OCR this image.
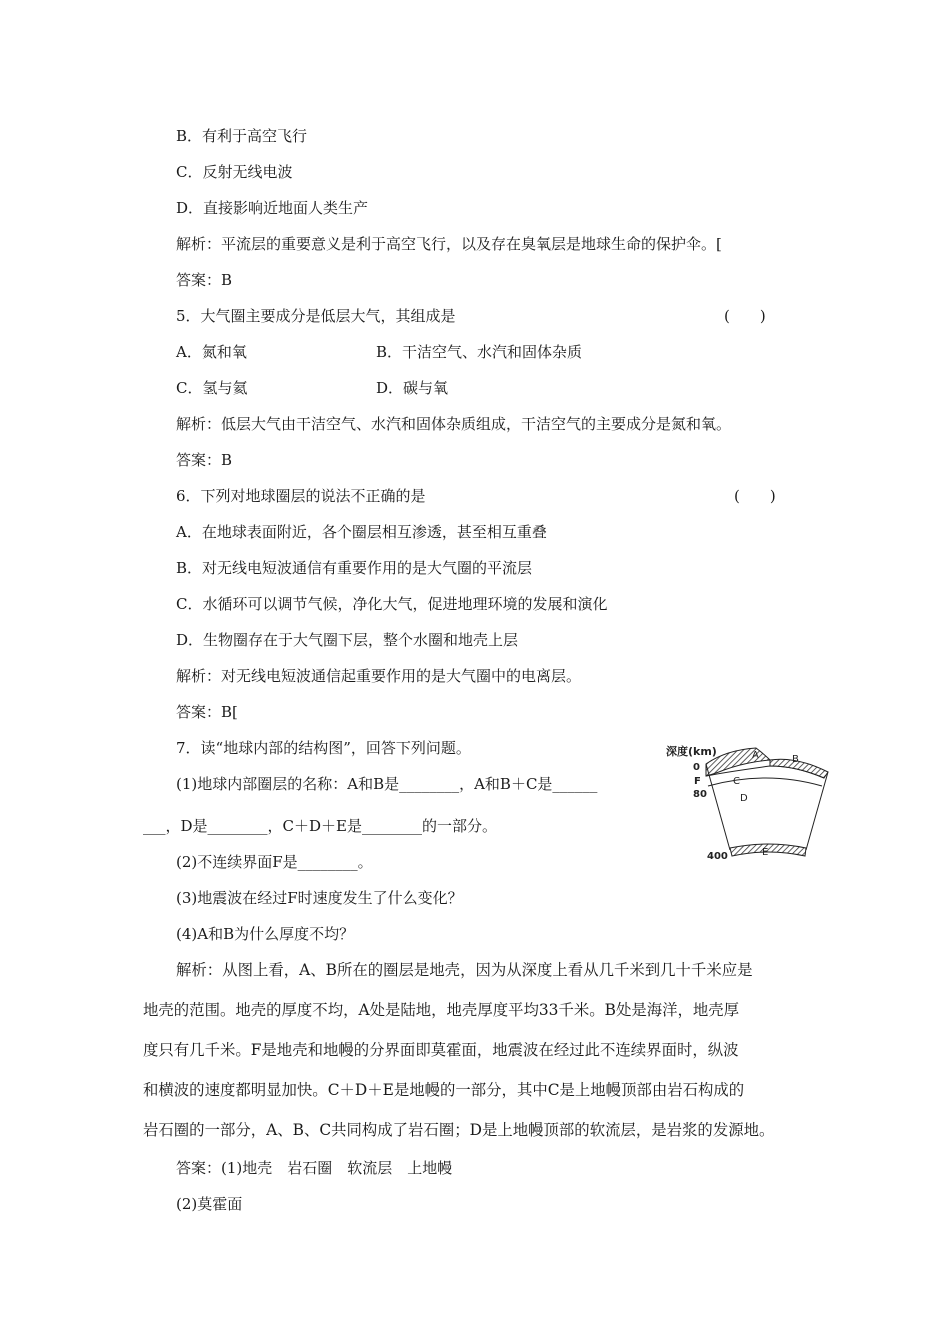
B．有利于高空飞行
C．反射无线电波
D．直接影响近地面人类生产
解析：平流层的重要意义是利于高空飞行，以及存在臭氧层是地球生命的保护伞。[
答案：B
5．大气圈主要成分是低层大气，其组成是	(　　)
A．氮和氧	B．干洁空气、水汽和固体杂质
C．氢与氦	D．碳与氧
解析：低层大气由干洁空气、水汽和固体杂质组成，干洁空气的主要成分是氮和氧。
答案：B
6．下列对地球圈层的说法不正确的是	(　　)
A．在地球表面附近，各个圈层相互渗透，甚至相互重叠
B．对无线电短波通信有重要作用的是大气圈的平流层
C．水循环可以调节气候，净化大气，促进地理环境的发展和演化
D．生物圈存在于大气圈下层，整个水圈和地壳上层
解析：对无线电短波通信起重要作用的是大气圈中的电离层。
答案：B[
7．读“地球内部的结构图”，回答下列问题。
(1)地球内部圈层的名称：A和B是________，A和B＋C是______
___，D是________，C＋D＋E是________的一部分。
(2)不连续界面F是________。
(3)地震波在经过F时速度发生了什么变化？
(4)A和B为什么厚度不均？
解析：从图上看，A、B所在的圈层是地壳，因为从深度上看从几千米到几十千米应是
地壳的范围。地壳的厚度不均，A处是陆地，地壳厚度平均33千米。B处是海洋，地壳厚
度只有几千米。F是地壳和地幔的分界面即莫霍面，地震波在经过此不连续界面时，纵波
和横波的速度都明显加快。C＋D＋E是地幔的一部分，其中C是上地幔顶部由岩石构成的
岩石圈的一部分，A、B、C共同构成了岩石圈；D是上地幔顶部的软流层，是岩浆的发源地。
答案：(1)地壳　岩石圈　软流层　上地幔
(2)莫霍面
深度(km)
0
F
80
400
A	B
C
D
E
